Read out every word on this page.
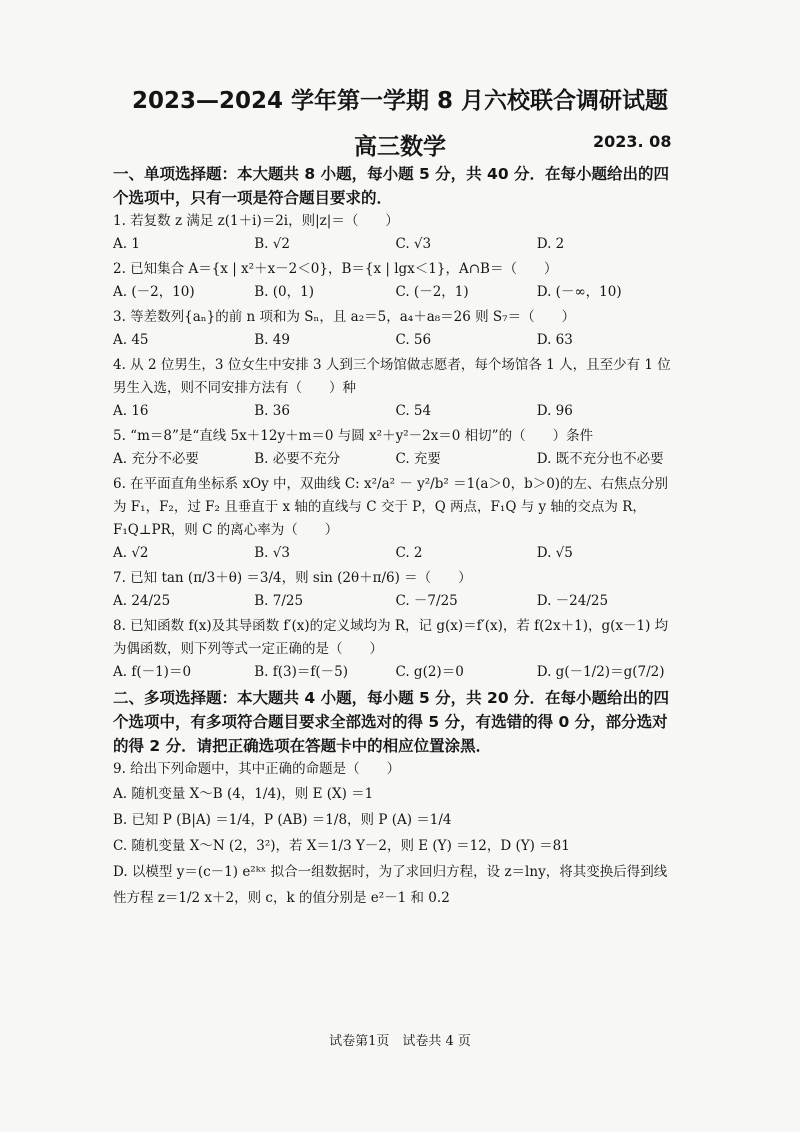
2023—2024 学年第一学期 8 月六校联合调研试题
高三数学	2023. 08
一、单项选择题：本大题共 8 小题，每小题 5 分，共 40 分．在每小题给出的四个选项中，只有一项是符合题目要求的．
1. 若复数 z 满足 z(1＋i)＝2i，则|z|＝（　　）
A. 1	B. √2	C. √3	D. 2
2. 已知集合 A＝{x | x²＋x－2＜0}，B＝{x | lgx＜1}，A∩B＝（　　）
A. (－2，10)	B. (0，1)	C. (－2，1)	D. (－∞，10)
3. 等差数列{aₙ}的前 n 项和为 Sₙ，且 a₂＝5，a₄＋a₈＝26 则 S₇＝（　　）
A. 45	B. 49	C. 56	D. 63
4. 从 2 位男生，3 位女生中安排 3 人到三个场馆做志愿者，每个场馆各 1 人，且至少有 1 位男生入选，则不同安排方法有（　　）种
A. 16	B. 36	C. 54	D. 96
5. “m＝8”是“直线 5x＋12y＋m＝0 与圆 x²＋y²－2x＝0 相切”的（　　）条件
A. 充分不必要	B. 必要不充分	C. 充要	D. 既不充分也不必要
6. 在平面直角坐标系 xOy 中，双曲线 C: x²/a² － y²/b² ＝1(a＞0，b＞0)的左、右焦点分别为 F₁，F₂，过 F₂ 且垂直于 x 轴的直线与 C 交于 P，Q 两点，F₁Q 与 y 轴的交点为 R，F₁Q⊥PR，则 C 的离心率为（　　）
A. √2	B. √3	C. 2	D. √5
7. 已知 tan (π/3＋θ) ＝3/4，则 sin (2θ＋π/6) ＝（　　）
A. 24/25	B. 7/25	C. －7/25	D. －24/25
8. 已知函数 f(x)及其导函数 f′(x)的定义域均为 R，记 g(x)＝f′(x)，若 f(2x＋1)，g(x－1) 均为偶函数，则下列等式一定正确的是（　　）
A. f(－1)＝0	B. f(3)＝f(－5)	C. g(2)＝0	D. g(－1/2)＝g(7/2)
二、多项选择题：本大题共 4 小题，每小题 5 分，共 20 分．在每小题给出的四个选项中，有多项符合题目要求全部选对的得 5 分，有选错的得 0 分，部分选对的得 2 分．请把正确选项在答题卡中的相应位置涂黑．
9. 给出下列命题中，其中正确的命题是（　　）
A. 随机变量 X～B (4，1/4)，则 E (X) ＝1
B. 已知 P (B|A) ＝1/4，P (AB) ＝1/8，则 P (A) ＝1/4
C. 随机变量 X～N (2，3²)，若 X＝1/3 Y－2，则 E (Y) ＝12，D (Y) ＝81
D. 以模型 y＝(c－1) e²ᵏˣ 拟合一组数据时，为了求回归方程，设 z＝lny，将其变换后得到线性方程 z＝1/2 x＋2，则 c，k 的值分别是 e²－1 和 0.2
试卷第1页　试卷共 4 页
